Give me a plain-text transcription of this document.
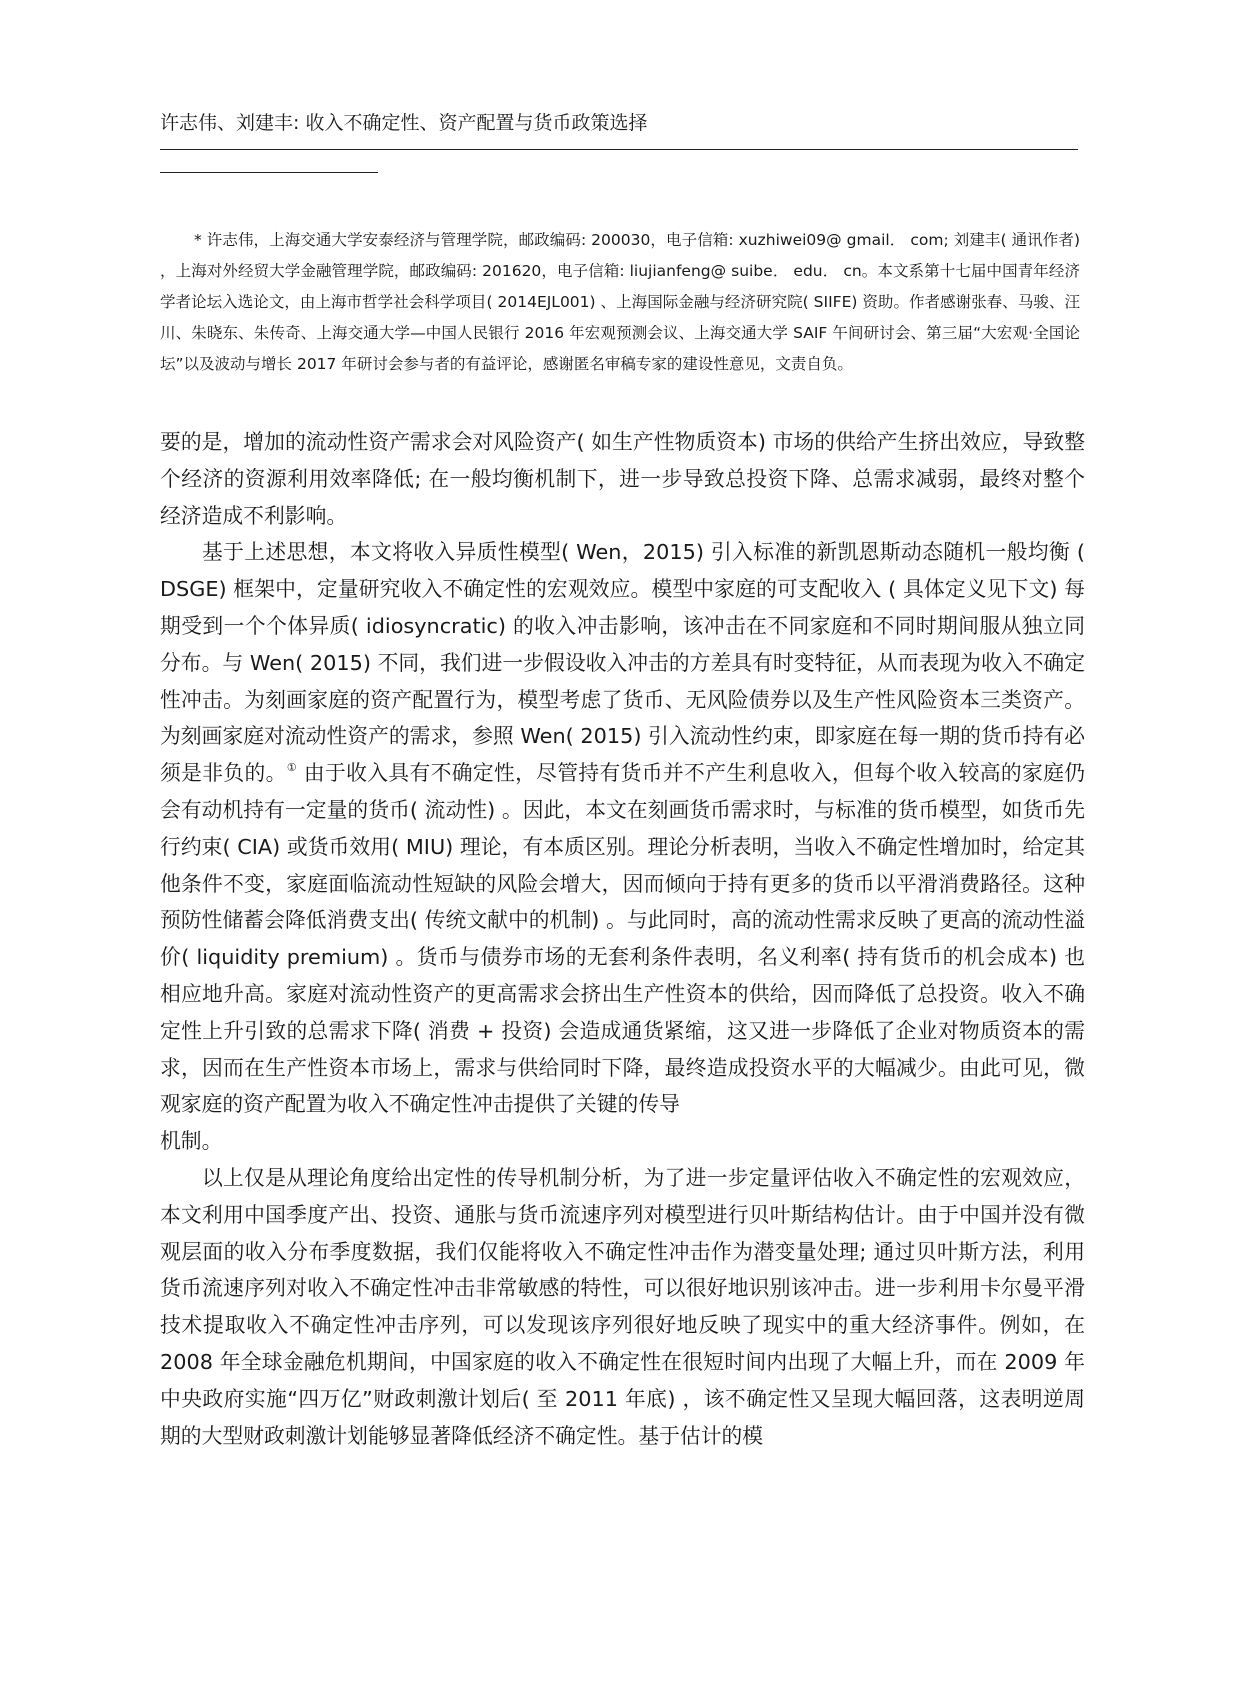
许志伟、刘建丰: 收入不确定性、资产配置与货币政策选择

* 许志伟，上海交通大学安泰经济与管理学院，邮政编码: 200030，电子信箱: xuzhiwei09@ gmail． com; 刘建丰( 通讯作者) ，上海对外经贸大学金融管理学院，邮政编码: 201620，电子信箱: liujianfeng@ suibe． edu． cn。本文系第十七届中国青年经济学者论坛入选论文，由上海市哲学社会科学项目( 2014EJL001) 、上海国际金融与经济研究院( SIIFE) 资助。作者感谢张春、马骏、汪川、朱晓东、朱传奇、上海交通大学—中国人民银行 2016 年宏观预测会议、上海交通大学 SAIF 午间研讨会、第三届“大宏观·全国论坛”以及波动与增长 2017 年研讨会参与者的有益评论，感谢匿名审稿专家的建设性意见，文责自负。

要的是，增加的流动性资产需求会对风险资产( 如生产性物质资本) 市场的供给产生挤出效应，导致整个经济的资源利用效率降低; 在一般均衡机制下，进一步导致总投资下降、总需求减弱，最终对整个经济造成不利影响。

基于上述思想，本文将收入异质性模型( Wen，2015) 引入标准的新凯恩斯动态随机一般均衡 ( DSGE) 框架中，定量研究收入不确定性的宏观效应。模型中家庭的可支配收入 ( 具体定义见下文) 每期受到一个个体异质( idiosyncratic) 的收入冲击影响，该冲击在不同家庭和不同时期间服从独立同分布。与 Wen( 2015) 不同，我们进一步假设收入冲击的方差具有时变特征，从而表现为收入不确定性冲击。为刻画家庭的资产配置行为，模型考虑了货币、无风险债券以及生产性风险资本三类资产。为刻画家庭对流动性资产的需求，参照 Wen( 2015) 引入流动性约束，即家庭在每一期的货币持有必须是非负的。① 由于收入具有不确定性，尽管持有货币并不产生利息收入，但每个收入较高的家庭仍会有动机持有一定量的货币( 流动性) 。因此，本文在刻画货币需求时，与标准的货币模型，如货币先行约束( CIA) 或货币效用( MIU) 理论，有本质区别。理论分析表明，当收入不确定性增加时，给定其他条件不变，家庭面临流动性短缺的风险会增大，因而倾向于持有更多的货币以平滑消费路径。这种预防性储蓄会降低消费支出( 传统文献中的机制) 。与此同时，高的流动性需求反映了更高的流动性溢价( liquidity premium) 。货币与债券市场的无套利条件表明，名义利率( 持有货币的机会成本) 也相应地升高。家庭对流动性资产的更高需求会挤出生产性资本的供给，因而降低了总投资。收入不确定性上升引致的总需求下降( 消费 + 投资) 会造成通货紧缩，这又进一步降低了企业对物质资本的需求，因而在生产性资本市场上，需求与供给同时下降，最终造成投资水平的大幅减少。由此可见，微观家庭的资产配置为收入不确定性冲击提供了关键的传导

机制。

以上仅是从理论角度给出定性的传导机制分析，为了进一步定量评估收入不确定性的宏观效应，本文利用中国季度产出、投资、通胀与货币流速序列对模型进行贝叶斯结构估计。由于中国并没有微观层面的收入分布季度数据，我们仅能将收入不确定性冲击作为潜变量处理; 通过贝叶斯方法，利用货币流速序列对收入不确定性冲击非常敏感的特性，可以很好地识别该冲击。进一步利用卡尔曼平滑技术提取收入不确定性冲击序列，可以发现该序列很好地反映了现实中的重大经济事件。例如，在 2008 年全球金融危机期间，中国家庭的收入不确定性在很短时间内出现了大幅上升，而在 2009 年中央政府实施“四万亿”财政刺激计划后( 至 2011 年底) ，该不确定性又呈现大幅回落，这表明逆周期的大型财政刺激计划能够显著降低经济不确定性。基于估计的模
